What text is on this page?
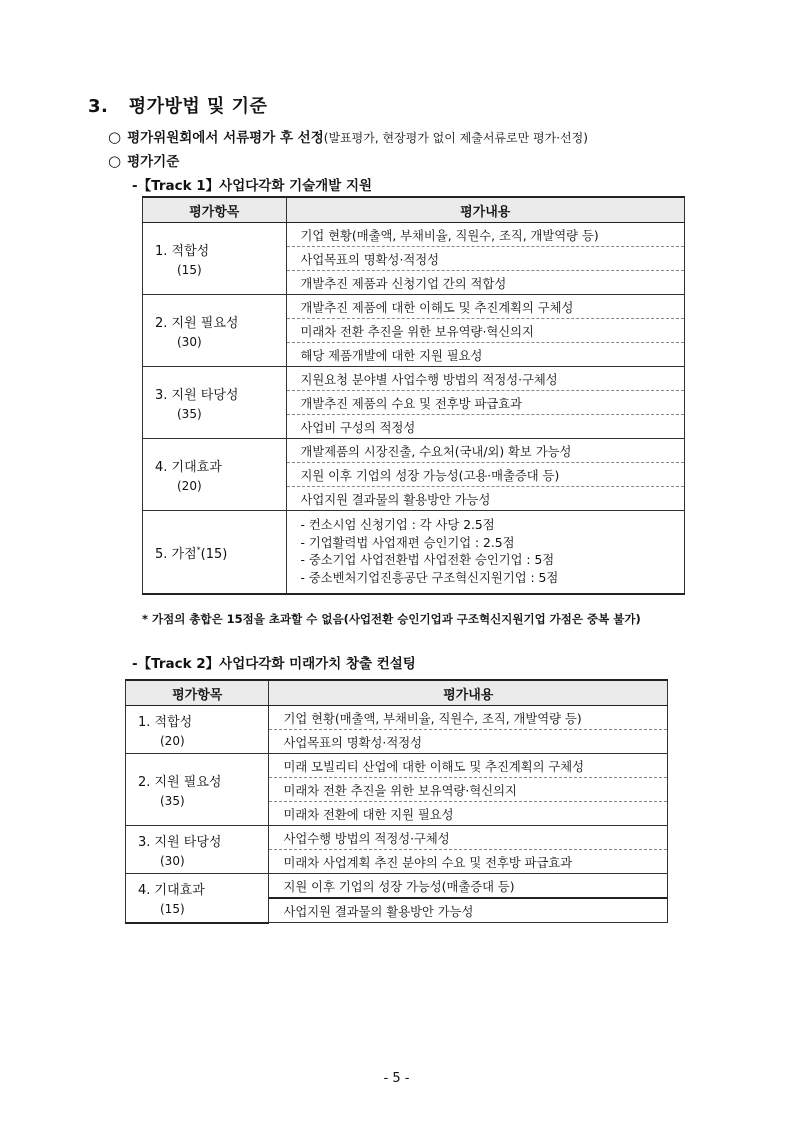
3. 평가방법 및 기준
○ 평가위원회에서 서류평가 후 선정(발표평가, 현장평가 없이 제출서류로만 평가·선정)
○ 평가기준
-【Track 1】사업다각화 기술개발 지원
평가항목	평가내용
1. 적합성
(15)	기업 현황(매출액, 부채비율, 직원수, 조직, 개발역량 등)
	사업목표의 명확성·적정성
	개발추진 제품과 신청기업 간의 적합성
2. 지원 필요성
(30)	개발추진 제품에 대한 이해도 및 추진계획의 구체성
	미래차 전환 추진을 위한 보유역량·혁신의지
	해당 제품개발에 대한 지원 필요성
3. 지원 타당성
(35)	지원요청 분야별 사업수행 방법의 적정성·구체성
	개발추진 제품의 수요 및 전후방 파급효과
	사업비 구성의 적정성
4. 기대효과
(20)	개발제품의 시장진출, 수요처(국내/외) 확보 가능성
	지원 이후 기업의 성장 가능성(고용·매출증대 등)
	사업지원 결과물의 활용방안 가능성
5. 가점*(15)	- 컨소시엄 신청기업 : 각 사당 2.5점
- 기업활력법 사업재편 승인기업 : 2.5점
- 중소기업 사업전환법 사업전환 승인기업 : 5점
- 중소벤처기업진흥공단 구조혁신지원기업 : 5점
* 가점의 총합은 15점을 초과할 수 없음(사업전환 승인기업과 구조혁신지원기업 가점은 중복 불가)
-【Track 2】사업다각화 미래가치 창출 컨설팅
평가항목	평가내용
1. 적합성
(20)	기업 현황(매출액, 부채비율, 직원수, 조직, 개발역량 등)
	사업목표의 명확성·적정성
2. 지원 필요성
(35)	미래 모빌리티 산업에 대한 이해도 및 추진계획의 구체성
	미래차 전환 추진을 위한 보유역량·혁신의지
	미래차 전환에 대한 지원 필요성
3. 지원 타당성
(30)	사업수행 방법의 적정성·구체성
	미래차 사업계획 추진 분야의 수요 및 전후방 파급효과
4. 기대효과
(15)	지원 이후 기업의 성장 가능성(매출증대 등)
	사업지원 결과물의 활용방안 가능성
- 5 -
